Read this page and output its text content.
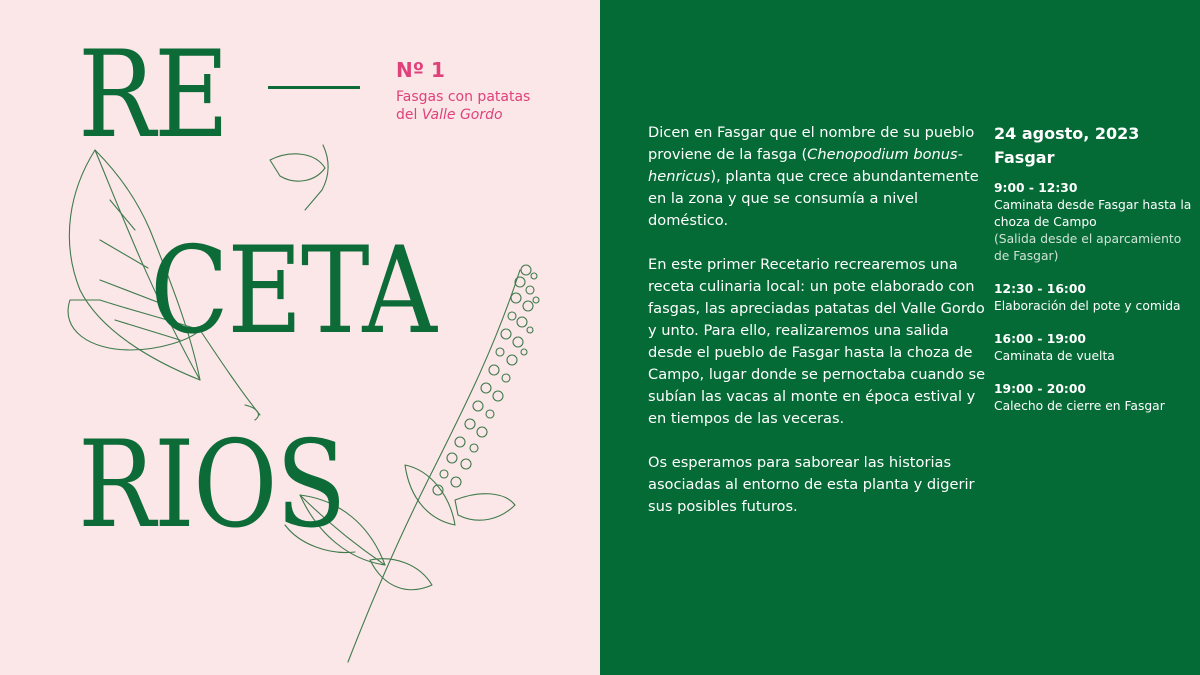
RE
CETA
RIOS

Nº 1

Fasgas con patatas
del Valle Gordo

Dicen en Fasgar que el nombre de su pueblo proviene de la fasga (Chenopodium bonus-henricus), planta que crece abundantemente en la zona y que se consumía a nivel doméstico.

En este primer Recetario recrearemos una receta culinaria local: un pote elaborado con fasgas, las apreciadas patatas del Valle Gordo y unto. Para ello, realizaremos una salida desde el pueblo de Fasgar hasta la choza de Campo, lugar donde se pernoctaba cuando se subían las vacas al monte en época estival y en tiempos de las veceras.

Os esperamos para saborear las historias asociadas al entorno de esta planta y digerir sus posibles futuros.

24 agosto, 2023

Fasgar

9:00 - 12:30
Caminata desde Fasgar hasta la choza de Campo
(Salida desde el aparcamiento de Fasgar)
12:30 - 16:00
Elaboración del pote y comida
16:00 - 19:00
Caminata de vuelta
19:00 - 20:00
Calecho de cierre en Fasgar
